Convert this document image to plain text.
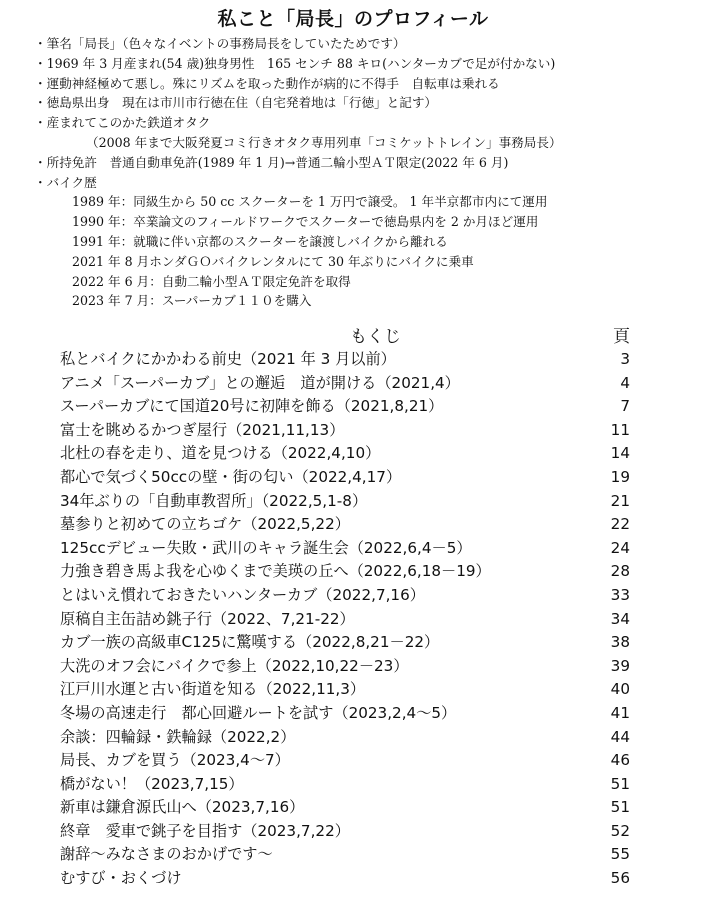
私こと「局長」のプロフィール
・筆名「局長」（色々なイベントの事務局長をしていたためです）
・1969 年 3 月産まれ(54 歳)独身男性　165 センチ 88 キロ(ハンターカブで足が付かない)
・運動神経極めて悪し。殊にリズムを取った動作が病的に不得手　自転車は乗れる
・徳島県出身　現在は市川市行徳在住（自宅発着地は「行徳」と記す）
・産まれてこのかた鉄道オタク
（2008 年まで大阪発夏コミ行きオタク専用列車「コミケットトレイン」事務局長）
・所持免許　普通自動車免許(1989 年 1 月)→普通二輪小型ＡＴ限定(2022 年 6 月)
・バイク歴
1989 年：同級生から 50 cc スクーターを 1 万円で譲受。 1 年半京都市内にて運用
1990 年：卒業論文のフィールドワークでスクーターで徳島県内を 2 か月ほど運用
1991 年：就職に伴い京都のスクーターを譲渡しバイクから離れる
2021 年 8 月ホンダＧＯバイクレンタルにて 30 年ぶりにバイクに乗車
2022 年 6 月：自動二輪小型ＡＴ限定免許を取得
2023 年 7 月：スーパーカブ１１０を購入
もくじ	頁
私とバイクにかかわる前史（2021 年 3 月以前）	3
アニメ「スーパーカブ」との邂逅　道が開ける（2021,4）	4
スーパーカブにて国道20号に初陣を飾る（2021,8,21）	7
富士を眺めるかつぎ屋行（2021,11,13）	11
北杜の春を走り、道を見つける（2022,4,10）	14
都心で気づく50ccの壁・街の匂い（2022,4,17）	19
34年ぶりの「自動車教習所」（2022,5,1-8）	21
墓参りと初めての立ちゴケ（2022,5,22）	22
125ccデビュー失敗・武川のキャラ誕生会（2022,6,4－5）	24
力強き碧き馬よ我を心ゆくまで美瑛の丘へ（2022,6,18－19）	28
とはいえ慣れておきたいハンターカブ（2022,7,16）	33
原稿自主缶詰め銚子行（2022、7,21-22）	34
カブ一族の高級車C125に驚嘆する（2022,8,21－22）	38
大洗のオフ会にバイクで参上（2022,10,22－23）	39
江戸川水運と古い街道を知る（2022,11,3）	40
冬場の高速走行　都心回避ルートを試す（2023,2,4～5）	41
余談：四輪録・鉄輪録（2022,2）	44
局長、カブを買う（2023,4～7）	46
橋がない！（2023,7,15）	51
新車は鎌倉源氏山へ（2023,7,16）	51
終章　愛車で銚子を目指す（2023,7,22）	52
謝辞～みなさまのおかげです～	55
むすび・おくづけ	56
